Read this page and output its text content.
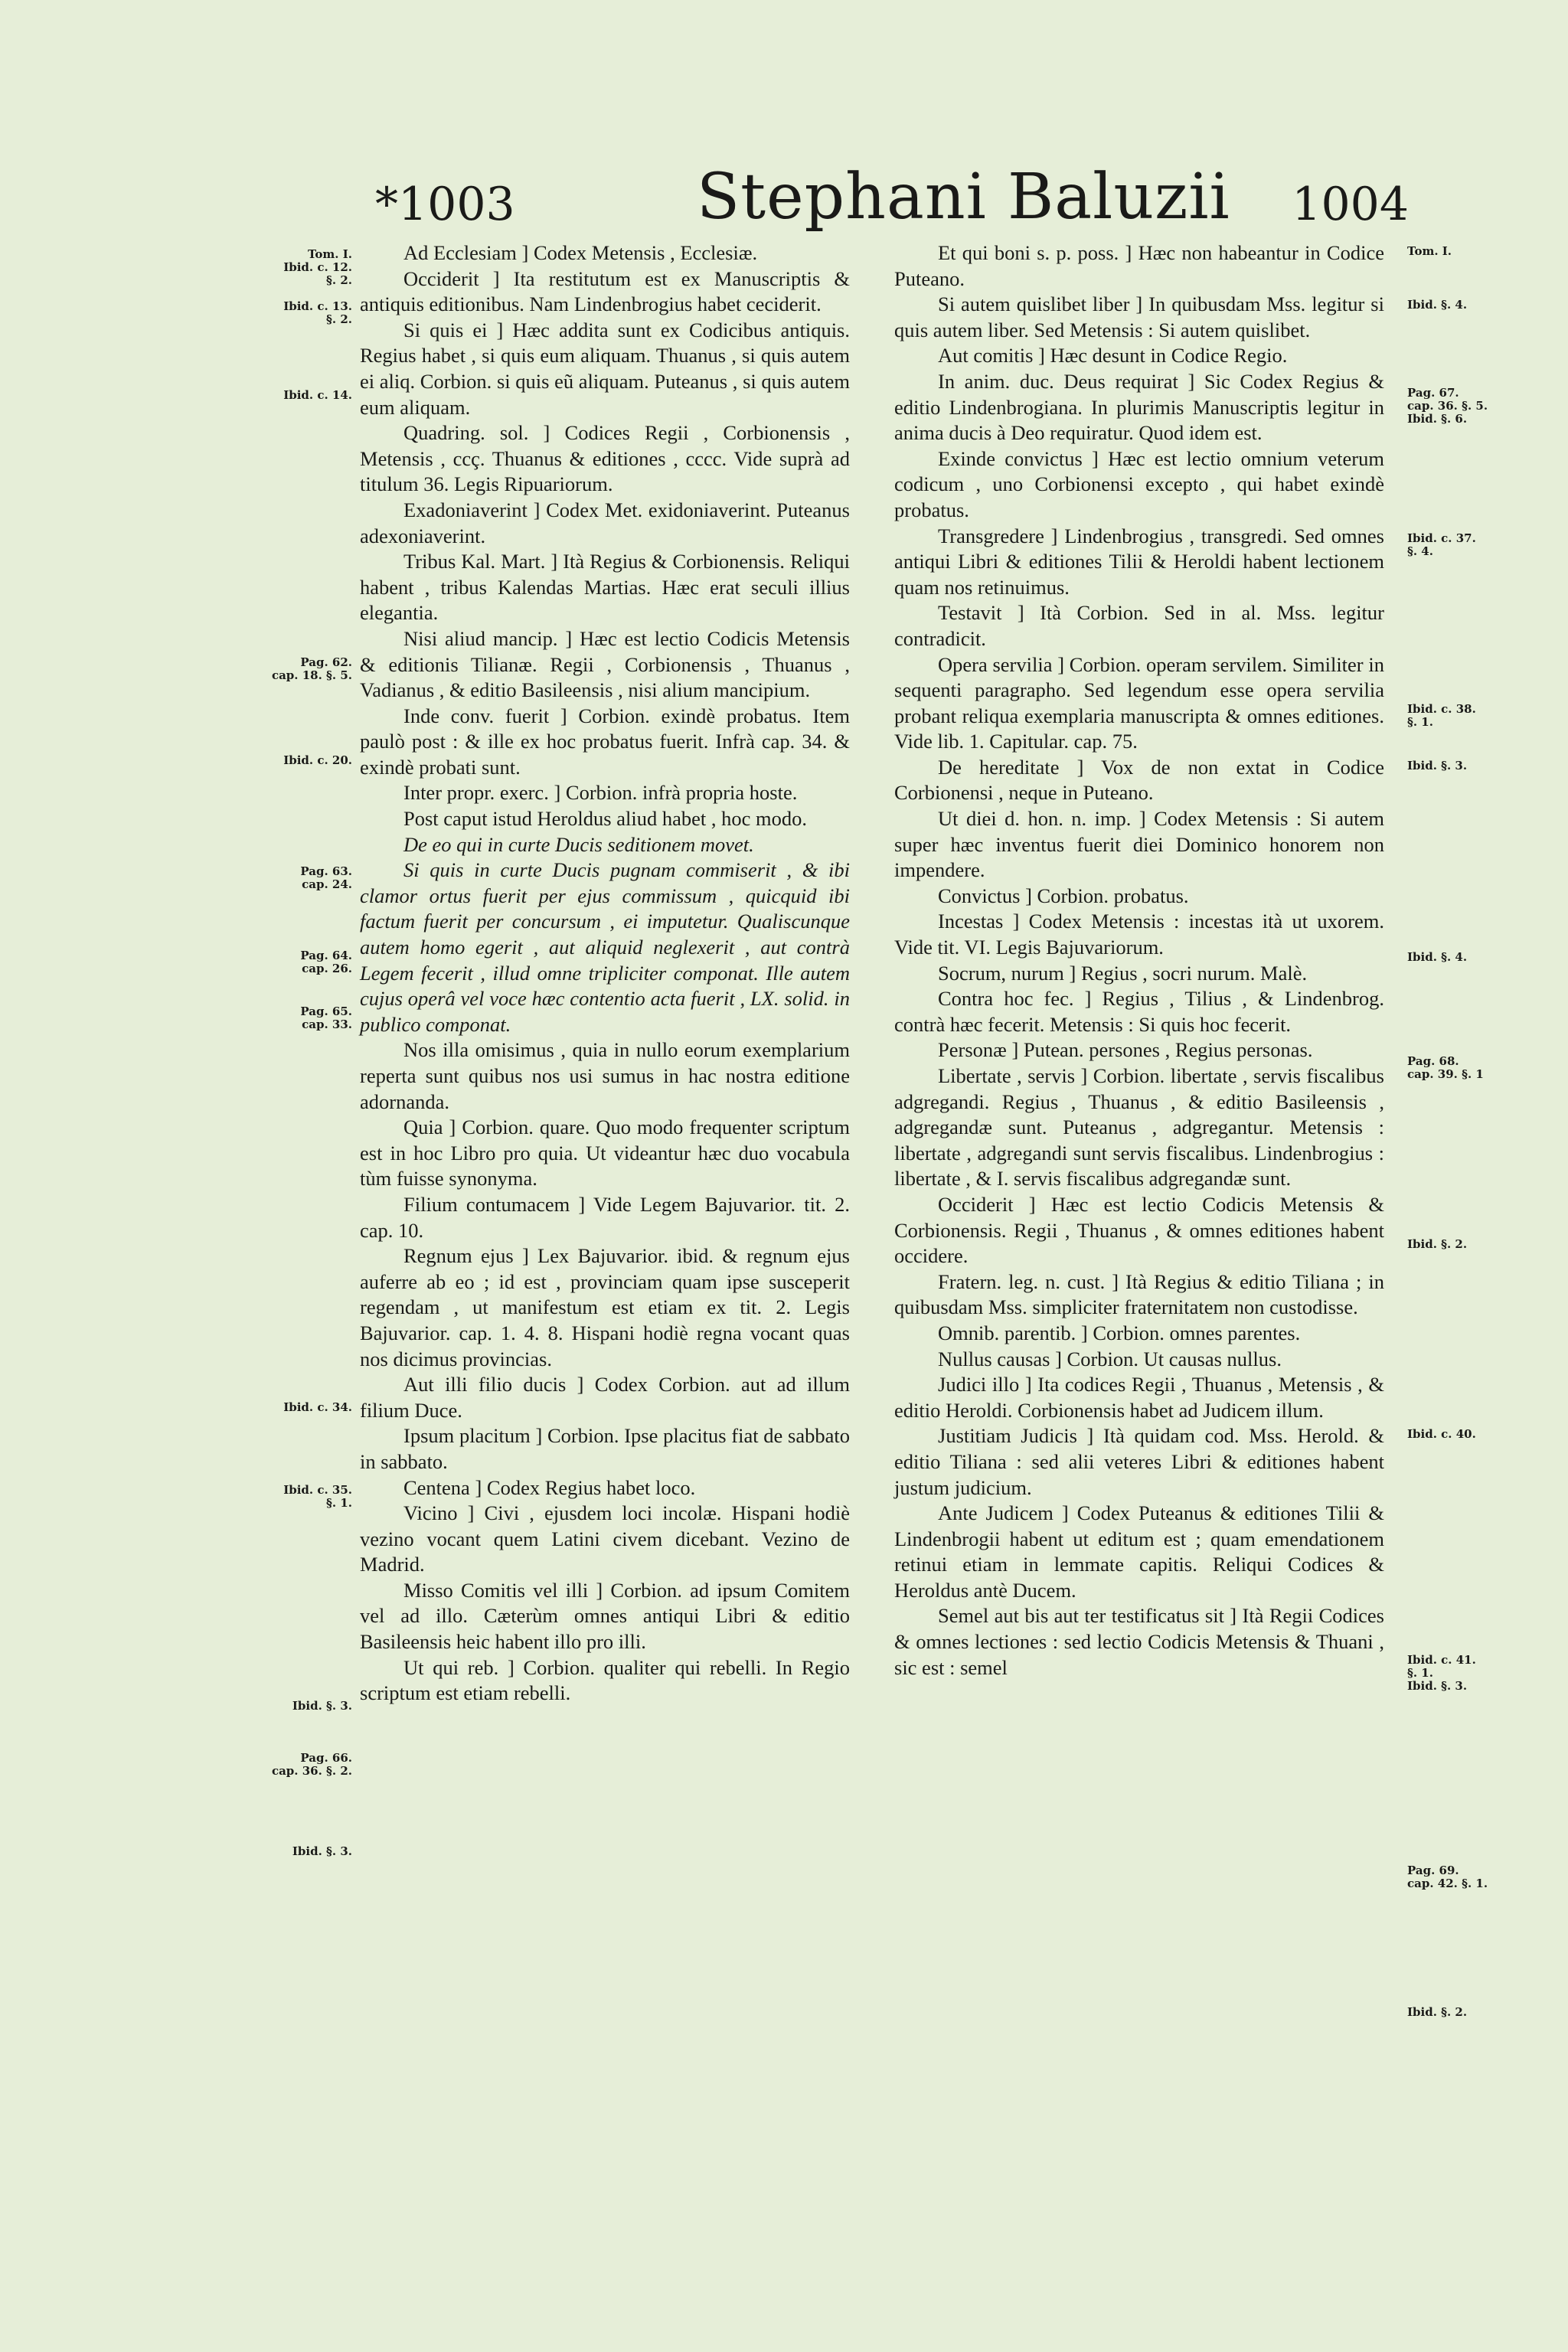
*1003	Stephani Baluzii 1004
Tom. I.
Ibid. c. 12.
§. 2.
Ibid. c. 13.
§. 2.
Ibid. c. 14.
Pag. 62.
cap. 18. §. 5.
Ibid. c. 20.
Pag. 63.
cap. 24.
Pag. 64.
cap. 26.
Pag. 65.
cap. 33.
Ibid. c. 34.
Ibid. c. 35.
§. 1.
Ibid. §. 3.
Pag. 66.
cap. 36. §. 2.
Ibid. §. 3.
Tom. I.
Ibid. §. 4.
Pag. 67.
cap. 36. §. 5.
Ibid. §. 6.
Ibid. c. 37.
§. 4.
Ibid. c. 38.
§. 1.
Ibid. §. 3.
Ibid. §. 4.
Pag. 68.
cap. 39. §. 1
Ibid. §. 2.
Ibid. c. 40.
Ibid. c. 41.
§. 1.
Ibid. §. 3.
Pag. 69.
cap. 42. §. 1.
Ibid. §. 2.

Ad Ecclesiam ] Codex Metensis , Ecclesiæ.

Occiderit ] Ita restitutum est ex Manuscriptis & antiquis editionibus. Nam Lindenbrogius habet ceciderit.

Si quis ei ] Hæc addita sunt ex Codicibus antiquis. Regius habet , si quis eum aliquam. Thuanus , si quis autem ei aliq. Corbion. si quis eũ aliquam. Puteanus , si quis autem eum aliquam.

Quadring. sol. ] Codices Regii , Corbionensis , Metensis , ccç. Thuanus & editiones , cccc. Vide suprà ad titulum 36. Legis Ripuariorum.

Exadoniaverint ] Codex Met. exidoniaverint. Puteanus adexoniaverint.

Tribus Kal. Mart. ] Ità Regius & Corbionensis. Reliqui habent , tribus Kalendas Martias. Hæc erat seculi illius elegantia.

Nisi aliud mancip. ] Hæc est lectio Codicis Metensis & editionis Tilianæ. Regii , Corbionensis , Thuanus , Vadianus , & editio Basileensis , nisi alium mancipium.

Inde conv. fuerit ] Corbion. exindè probatus. Item paulò post : & ille ex hoc probatus fuerit. Infrà cap. 34. & exindè probati sunt.

Inter propr. exerc. ] Corbion. infrà propria hoste.

Post caput istud Heroldus aliud habet , hoc modo.

De eo qui in curte Ducis seditionem movet.

Si quis in curte Ducis pugnam commiserit , & ibi clamor ortus fuerit per ejus commissum , quicquid ibi factum fuerit per concursum , ei imputetur. Qualiscunque autem homo egerit , aut aliquid neglexerit , aut contrà Legem fecerit , illud omne tripliciter componat. Ille autem cujus operâ vel voce hæc contentio acta fuerit , LX. solid. in publico componat.

Nos illa omisimus , quia in nullo eorum exemplarium reperta sunt quibus nos usi sumus in hac nostra editione adornanda.

Quia ] Corbion. quare. Quo modo frequenter scriptum est in hoc Libro pro quia. Ut videantur hæc duo vocabula tùm fuisse synonyma.

Filium contumacem ] Vide Legem Bajuvarior. tit. 2. cap. 10.

Regnum ejus ] Lex Bajuvarior. ibid. & regnum ejus auferre ab eo ; id est , provinciam quam ipse susceperit regendam , ut manifestum est etiam ex tit. 2. Legis Bajuvarior. cap. 1. 4. 8. Hispani hodiè regna vocant quas nos dicimus provincias.

Aut illi filio ducis ] Codex Corbion. aut ad illum filium Duce.

Ipsum placitum ] Corbion. Ipse placitus fiat de sabbato in sabbato.

Centena ] Codex Regius habet loco.

Vicino ] Civi , ejusdem loci incolæ. Hispani hodiè vezino vocant quem Latini civem dicebant. Vezino de Madrid.

Misso Comitis vel illi ] Corbion. ad ipsum Comitem vel ad illo. Cæterùm omnes antiqui Libri & editio Basileensis heic habent illo pro illi.

Ut qui reb. ] Corbion. qualiter qui rebelli. In Regio scriptum est etiam rebelli.

Et qui boni s. p. poss. ] Hæc non habeantur in Codice Puteano.

Si autem quislibet liber ] In quibusdam Mss. legitur si quis autem liber. Sed Metensis : Si autem quislibet.

Aut comitis ] Hæc desunt in Codice Regio.

In anim. duc. Deus requirat ] Sic Codex Regius & editio Lindenbrogiana. In plurimis Manuscriptis legitur in anima ducis à Deo requiratur. Quod idem est.

Exinde convictus ] Hæc est lectio omnium veterum codicum , uno Corbionensi excepto , qui habet exindè probatus.

Transgredere ] Lindenbrogius , transgredi. Sed omnes antiqui Libri & editiones Tilii & Heroldi habent lectionem quam nos retinuimus.

Testavit ] Ità Corbion. Sed in al. Mss. legitur contradicit.

Opera servilia ] Corbion. operam servilem. Similiter in sequenti paragrapho. Sed legendum esse opera servilia probant reliqua exemplaria manuscripta & omnes editiones. Vide lib. 1. Capitular. cap. 75.

De hereditate ] Vox de non extat in Codice Corbionensi , neque in Puteano.

Ut diei d. hon. n. imp. ] Codex Metensis : Si autem super hæc inventus fuerit diei Dominico honorem non impendere.

Convictus ] Corbion. probatus.

Incestas ] Codex Metensis : incestas ità ut uxorem. Vide tit. VI. Legis Bajuvariorum.

Socrum, nurum ] Regius , socri nurum. Malè.

Contra hoc fec. ] Regius , Tilius , & Lindenbrog. contrà hæc fecerit. Metensis : Si quis hoc fecerit.

Personæ ] Putean. persones , Regius personas.

Libertate , servis ] Corbion. libertate , servis fiscalibus adgregandi. Regius , Thuanus , & editio Basileensis , adgregandæ sunt. Puteanus , adgregantur. Metensis : libertate , adgregandi sunt servis fiscalibus. Lindenbrogius : libertate , & I. servis fiscalibus adgregandæ sunt.

Occiderit ] Hæc est lectio Codicis Metensis & Corbionensis. Regii , Thuanus , & omnes editiones habent occidere.

Fratern. leg. n. cust. ] Ità Regius & editio Tiliana ; in quibusdam Mss. simpliciter fraternitatem non custodisse.

Omnib. parentib. ] Corbion. omnes parentes.

Nullus causas ] Corbion. Ut causas nullus.

Judici illo ] Ita codices Regii , Thuanus , Metensis , & editio Heroldi. Corbionensis habet ad Judicem illum.

Justitiam Judicis ] Ità quidam cod. Mss. Herold. & editio Tiliana : sed alii veteres Libri & editiones habent justum judicium.

Ante Judicem ] Codex Puteanus & editiones Tilii & Lindenbrogii habent ut editum est ; quam emendationem retinui etiam in lemmate capitis. Reliqui Codices & Heroldus antè Ducem.

Semel aut bis aut ter testificatus sit ] Ità Regii Codices & omnes lectiones : sed lectio Codicis Metensis & Thuani , sic est : semel
